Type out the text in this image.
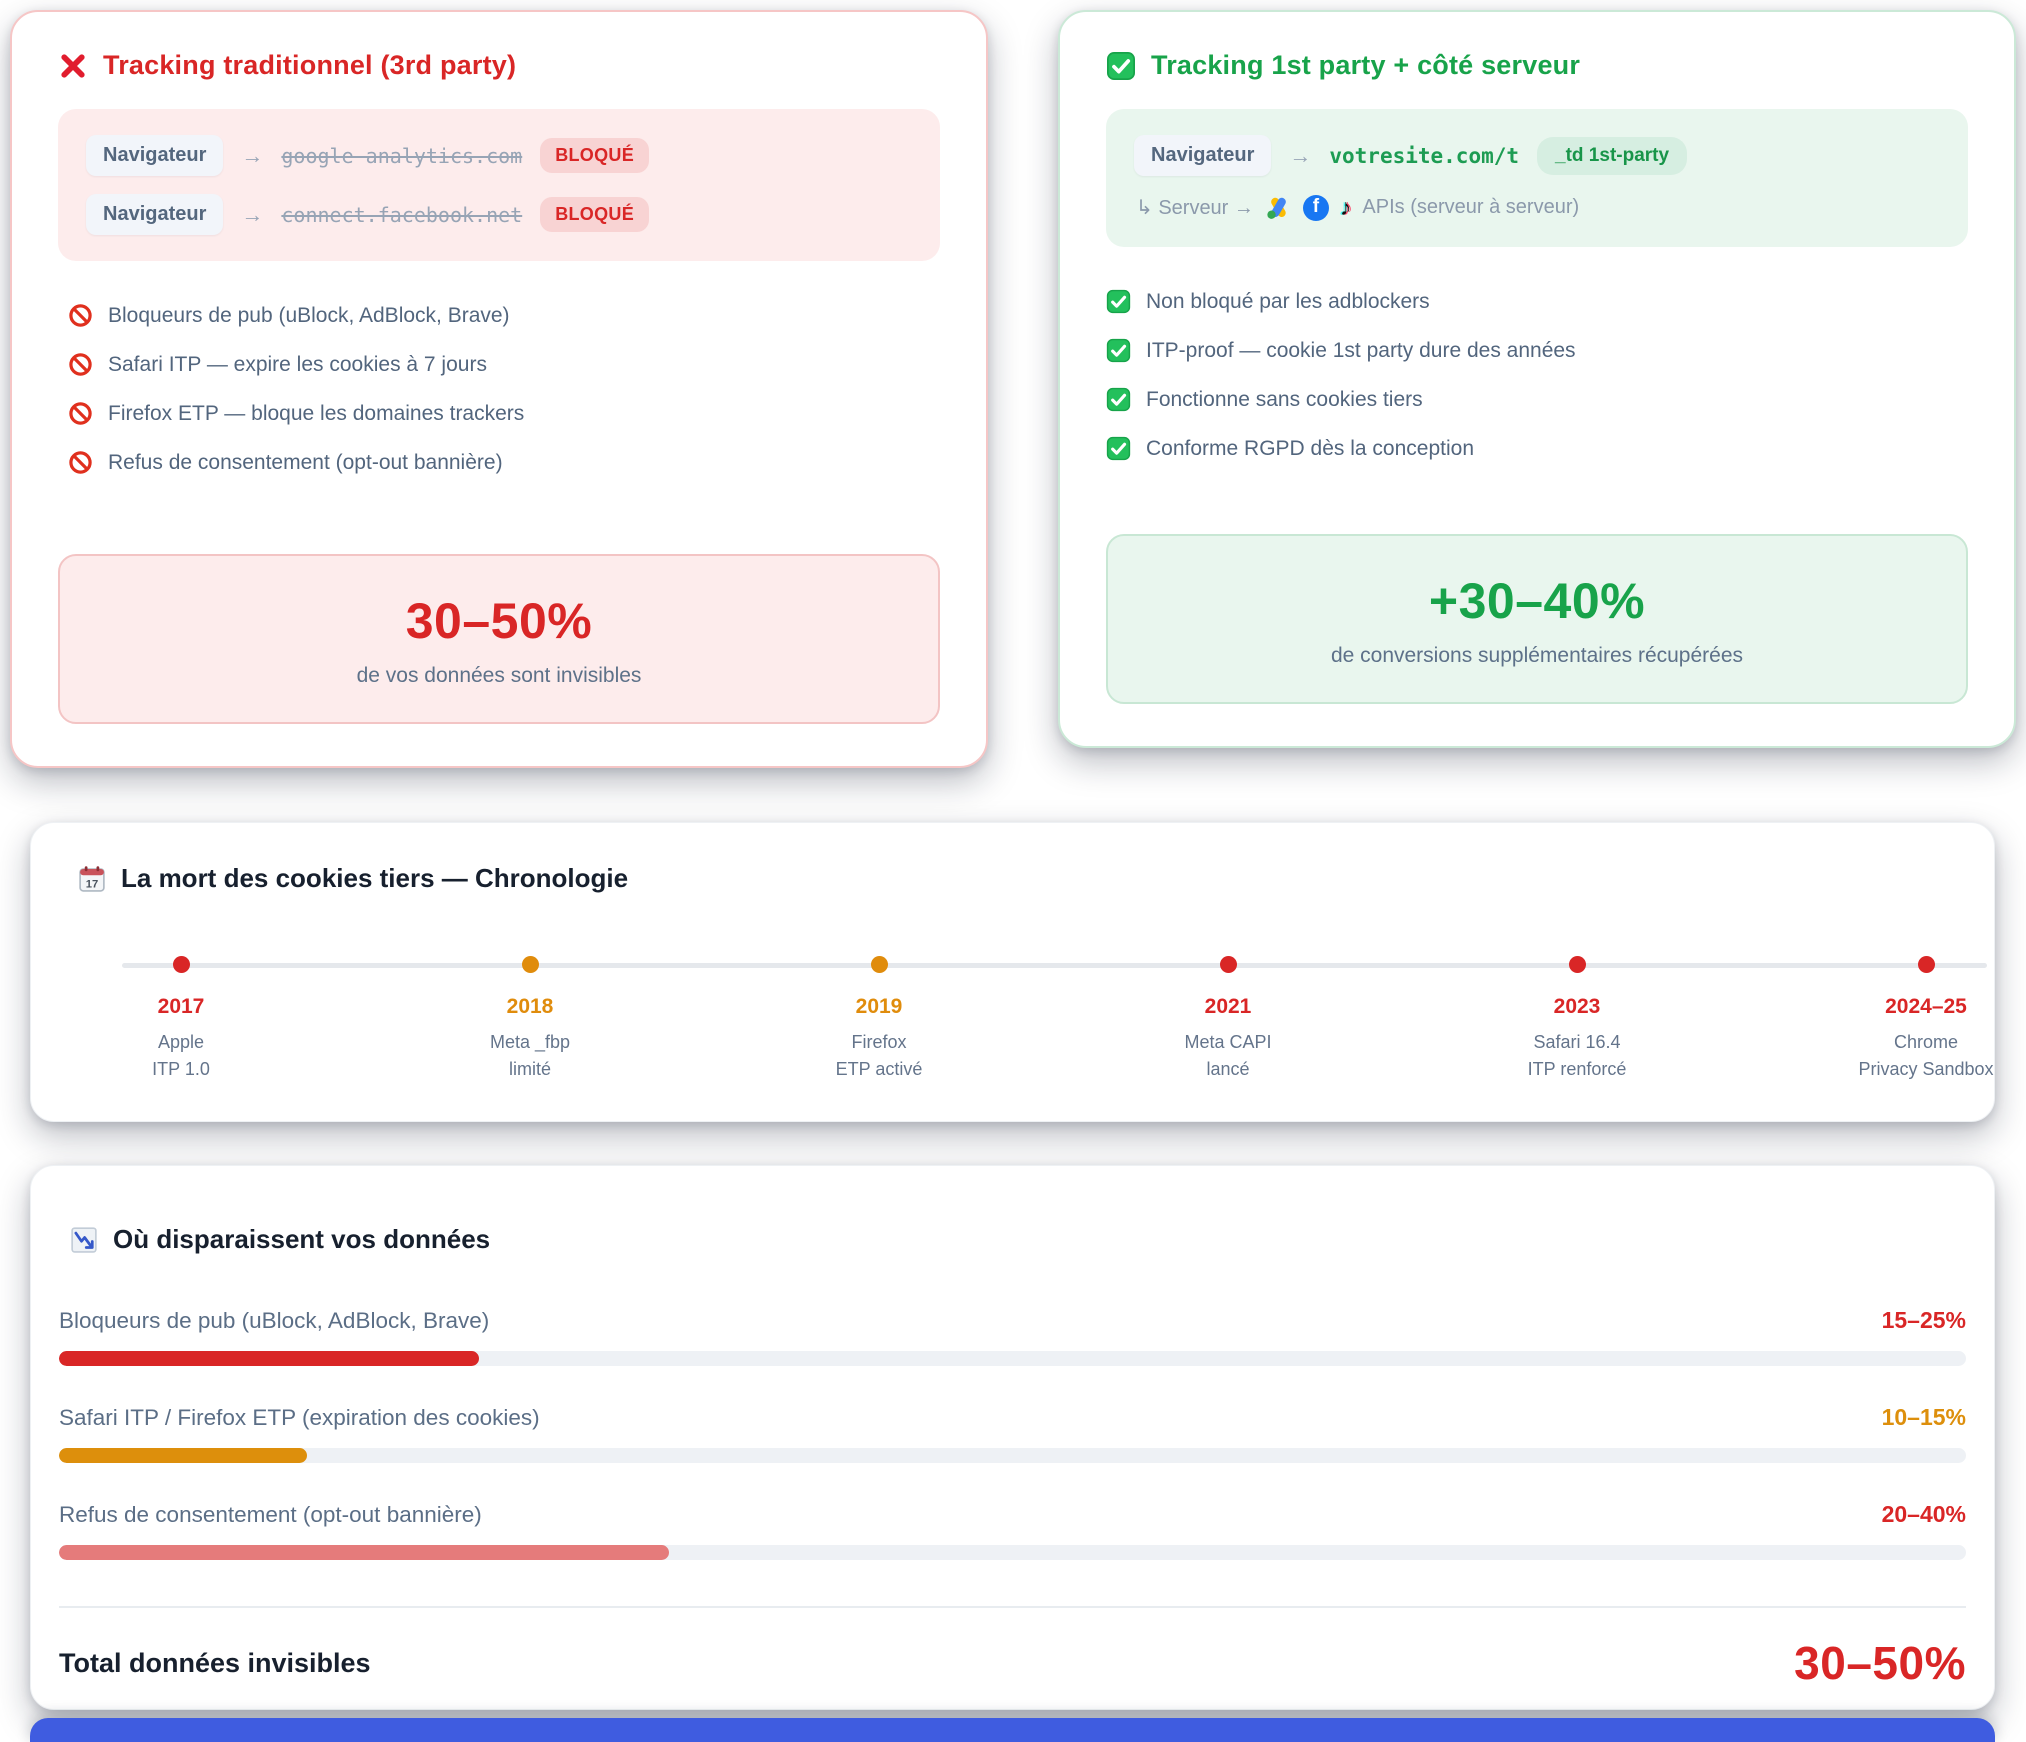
Tracking traditionnel (3rd party)
Navigateur	→ google-analytics.com	BLOQUÉ
Navigateur	→ connect.facebook.net	BLOQUÉ
Bloqueurs de pub (uBlock, AdBlock, Brave)
Safari ITP — expire les cookies à 7 jours
Firefox ETP — bloque les domaines trackers
Refus de consentement (opt-out bannière)
30–50%
de vos données sont invisibles
Tracking 1st party + côté serveur
Navigateur	→ votresite.com/t	_td 1st-party
↳ Serveur →	f ♪ APIs (serveur à serveur)
Non bloqué par les adblockers
ITP-proof — cookie 1st party dure des années
Fonctionne sans cookies tiers
Conforme RGPD dès la conception
+30–40%
de conversions supplémentaires récupérées
17 La mort des cookies tiers — Chronologie
2017
Apple
ITP 1.0
2018
Meta _fbp
limité
2019
Firefox
ETP activé
2021
Meta CAPI
lancé
2023
Safari 16.4
ITP renforcé
2024–25
Chrome
Privacy Sandbox
Où disparaissent vos données
Bloqueurs de pub (uBlock, AdBlock, Brave)	15–25%
Safari ITP / Firefox ETP (expiration des cookies)	10–15%
Refus de consentement (opt-out bannière)	20–40%
Total données invisibles	30–50%
